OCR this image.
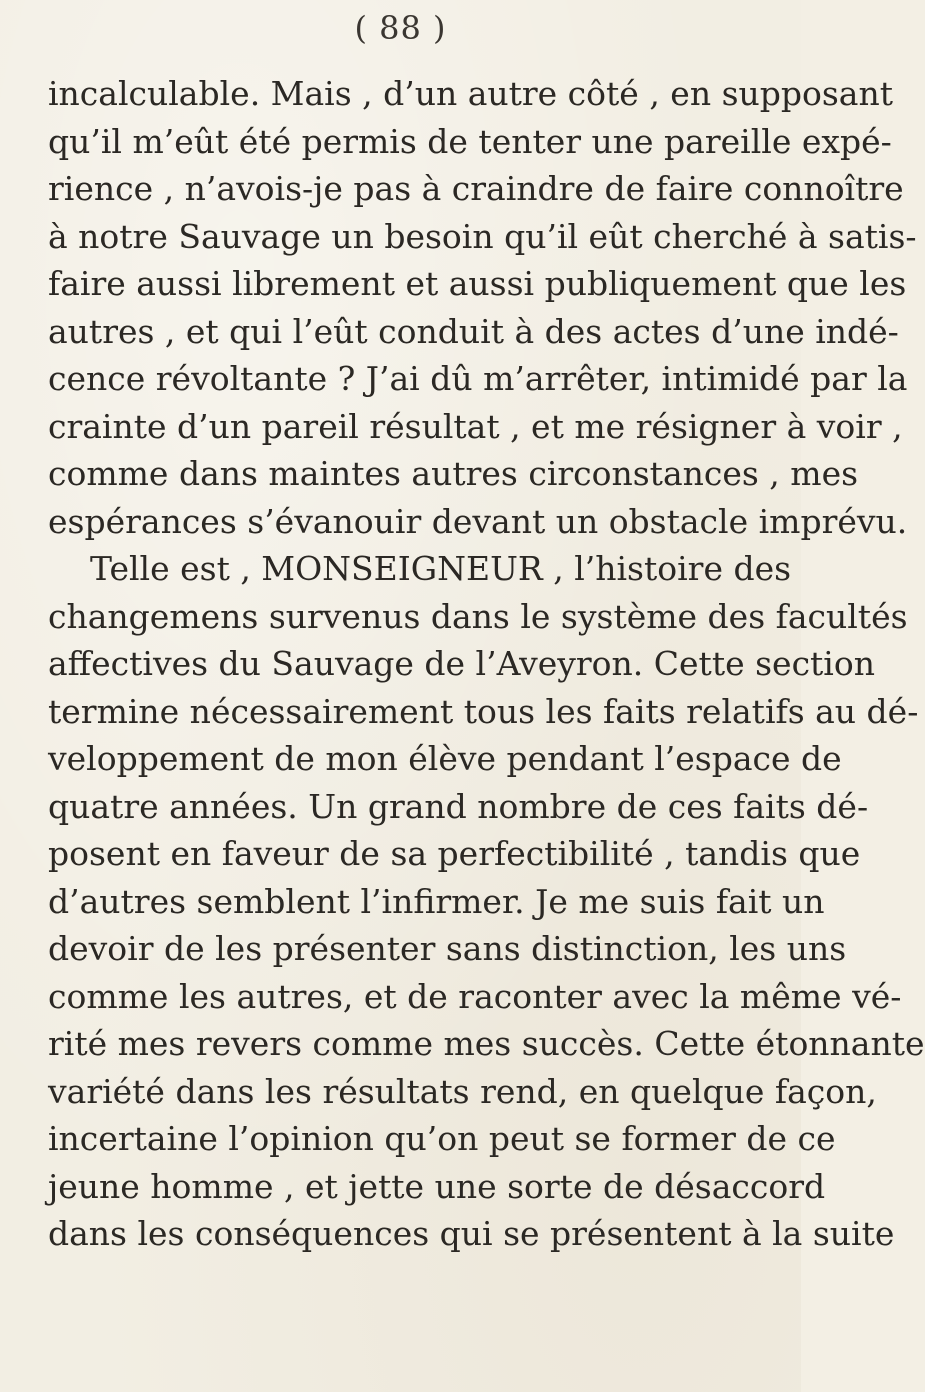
( 88 )
incalculable. Mais , d’un autre côté , en supposant
qu’il m’eût été permis de tenter une pareille expé-
rience , n’avois-je pas à craindre de faire connoître
à notre Sauvage un besoin qu’il eût cherché à satis-
faire aussi librement et aussi publiquement que les
autres , et qui l’eût conduit à des actes d’une indé-
cence révoltante ? J’ai dû m’arrêter, intimidé par la
crainte d’un pareil résultat , et me résigner à voir ,
comme dans maintes autres circonstances , mes
espérances s’évanouir devant un obstacle imprévu.
Telle est , MONSEIGNEUR , l’histoire des
changemens survenus dans le système des facultés
affectives du Sauvage de l’Aveyron. Cette section
termine nécessairement tous les faits relatifs au dé-
veloppement de mon élève pendant l’espace de
quatre années. Un grand nombre de ces faits dé-
posent en faveur de sa perfectibilité , tandis que
d’autres semblent l’infirmer. Je me suis fait un
devoir de les présenter sans distinction, les uns
comme les autres, et de raconter avec la même vé-
rité mes revers comme mes succès. Cette étonnante
variété dans les résultats rend, en quelque façon,
incertaine l’opinion qu’on peut se former de ce
jeune homme , et jette une sorte de désaccord
dans les conséquences qui se présentent à la suite
